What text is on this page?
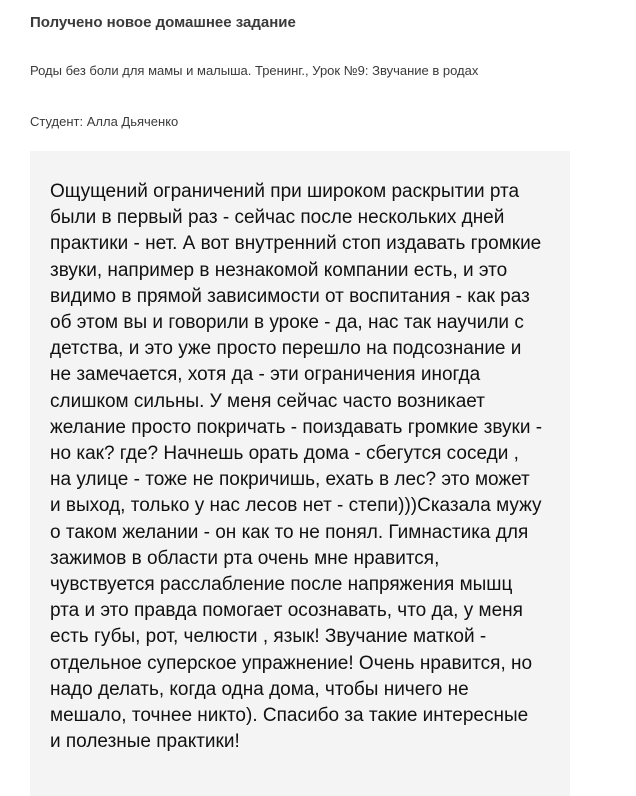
Получено новое домашнее задание
Роды без боли для мамы и малыша. Тренинг., Урок №9: Звучание в родах
Студент: Алла Дьяченко

Ощущений ограничений при широком раскрытии рта были в первый раз - сейчас после нескольких дней практики - нет. А вот внутренний стоп издавать громкие звуки, например в незнакомой компании есть, и это видимо в прямой зависимости от воспитания - как раз об этом вы и говорили в уроке - да, нас так научили с детства, и это уже просто перешло на подсознание и не замечается, хотя да - эти ограничения иногда слишком сильны. У меня сейчас часто возникает желание просто покричать - поиздавать громкие звуки - но как? где? Начнешь орать дома - сбегутся соседи , на улице - тоже не покричишь, ехать в лес? это может и выход, только у нас лесов нет - степи)))Сказала мужу о таком желании - он как то не понял. Гимнастика для зажимов в области рта очень мне нравится, чувствуется расслабление после напряжения мышц рта и это правда помогает осознавать, что да, у меня есть губы, рот, челюсти , язык! Звучание маткой - отдельное суперское упражнение! Очень нравится, но надо делать, когда одна дома, чтобы ничего не мешало, точнее никто). Спасибо за такие интересные и полезные практики!
